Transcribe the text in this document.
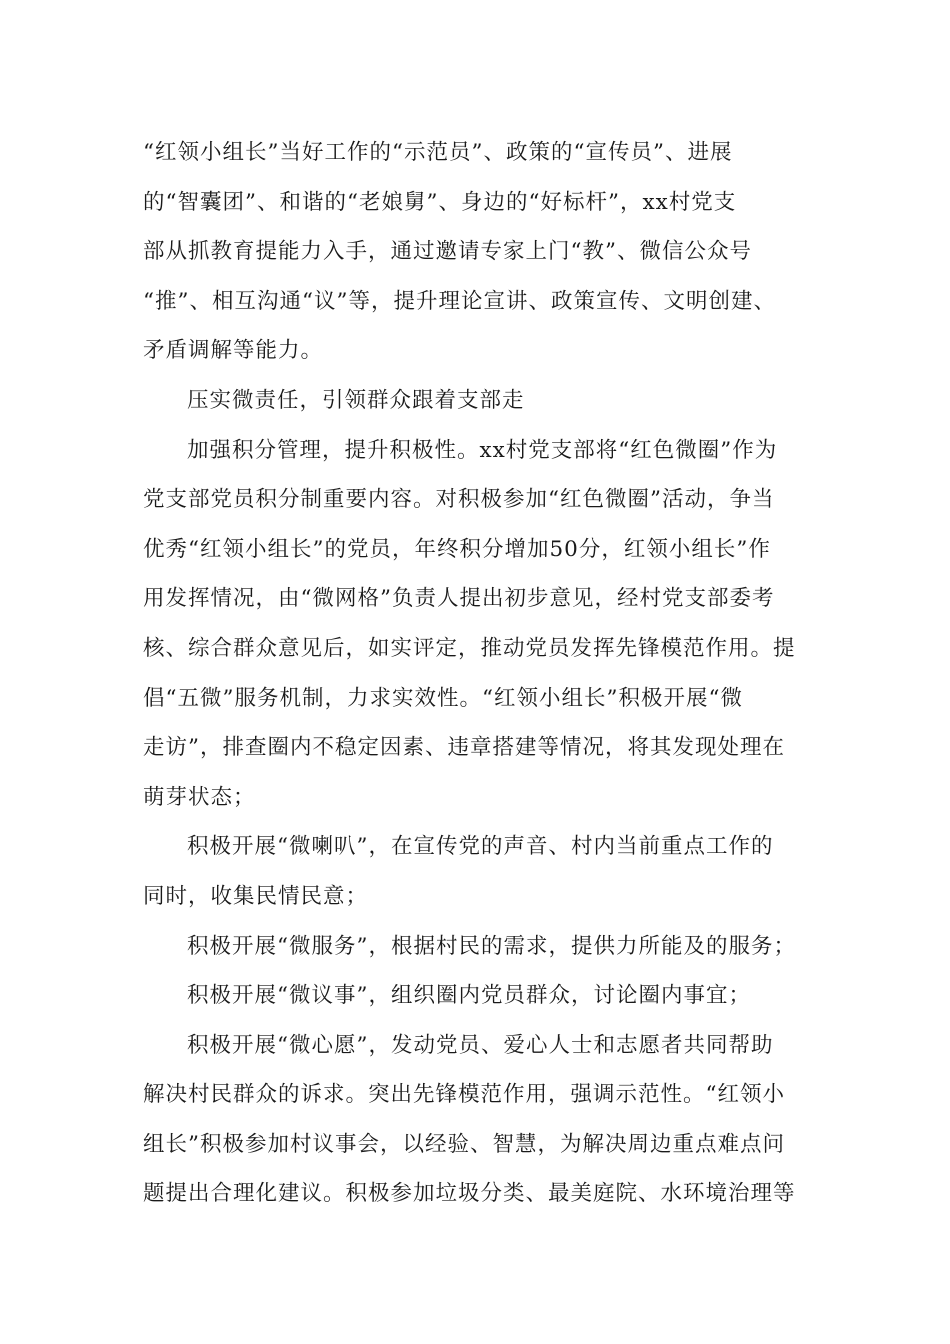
“红领小组长”当好工作的“示范员”、政策的“宣传员”、进展
的“智囊团”、和谐的“老娘舅”、身边的“好标杆”，xx村党支
部从抓教育提能力入手，通过邀请专家上门“教”、微信公众号
“推”、相互沟通“议”等，提升理论宣讲、政策宣传、文明创建、
矛盾调解等能力。
压实微责任，引领群众跟着支部走
加强积分管理，提升积极性。xx村党支部将“红色微圈”作为
党支部党员积分制重要内容。对积极参加“红色微圈”活动，争当
优秀“红领小组长”的党员，年终积分增加50分，红领小组长”作
用发挥情况，由“微网格”负责人提出初步意见，经村党支部委考
核、综合群众意见后，如实评定，推动党员发挥先锋模范作用。提
倡“五微”服务机制，力求实效性。“红领小组长”积极开展“微
走访”，排查圈内不稳定因素、违章搭建等情况，将其发现处理在
萌芽状态；
积极开展“微喇叭”，在宣传党的声音、村内当前重点工作的
同时，收集民情民意；
积极开展“微服务”，根据村民的需求，提供力所能及的服务；
积极开展“微议事”，组织圈内党员群众，讨论圈内事宜；
积极开展“微心愿”，发动党员、爱心人士和志愿者共同帮助
解决村民群众的诉求。突出先锋模范作用，强调示范性。“红领小
组长”积极参加村议事会，以经验、智慧，为解决周边重点难点问
题提出合理化建议。积极参加垃圾分类、最美庭院、水环境治理等
